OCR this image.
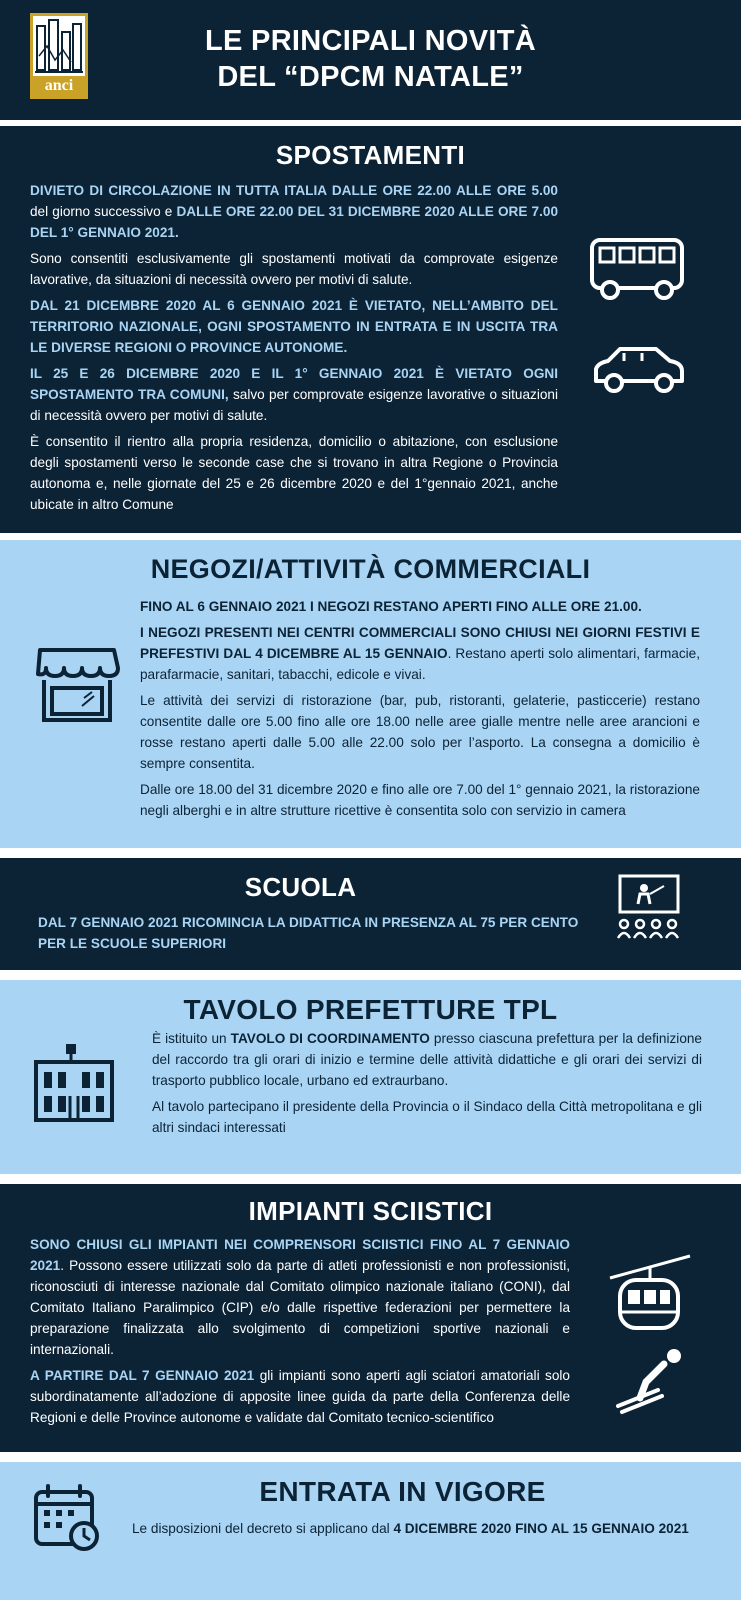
anci
LE PRINCIPALI NOVITÀ
DEL “DPCM NATALE”
SPOSTAMENTI

DIVIETO DI CIRCOLAZIONE IN TUTTA ITALIA DALLE ORE 22.00 ALLE ORE 5.00 del giorno successivo e DALLE ORE 22.00 DEL 31 DICEMBRE 2020 ALLE ORE 7.00 DEL 1° GENNAIO 2021.

Sono consentiti esclusivamente gli spostamenti motivati da comprovate esigenze lavorative, da situazioni di necessità ovvero per motivi di salute.

DAL 21 DICEMBRE 2020 AL 6 GENNAIO 2021 È VIETATO, NELL’AMBITO DEL TERRITORIO NAZIONALE, OGNI SPOSTAMENTO IN ENTRATA E IN USCITA TRA LE DIVERSE REGIONI O PROVINCE AUTONOME.

IL 25 E 26 DICEMBRE 2020 E IL 1° GENNAIO 2021 È VIETATO OGNI SPOSTAMENTO TRA COMUNI, salvo per comprovate esigenze lavorative o situazioni di necessità ovvero per motivi di salute.

È consentito il rientro alla propria residenza, domicilio o abitazione, con esclusione degli spostamenti verso le seconde case che si trovano in altra Regione o Provincia autonoma e, nelle giornate del 25 e 26 dicembre 2020 e del 1°gennaio 2021, anche ubicate in altro Comune

NEGOZI/ATTIVITÀ COMMERCIALI

FINO AL 6 GENNAIO 2021 I NEGOZI RESTANO APERTI FINO ALLE ORE 21.00.

I NEGOZI PRESENTI NEI CENTRI COMMERCIALI SONO CHIUSI NEI GIORNI FESTIVI E PREFESTIVI DAL 4 DICEMBRE AL 15 GENNAIO. Restano aperti solo alimentari, farmacie, parafarmacie, sanitari, tabacchi, edicole e vivai.

Le attività dei servizi di ristorazione (bar, pub, ristoranti, gelaterie, pasticcerie) restano consentite dalle ore 5.00 fino alle ore 18.00 nelle aree gialle mentre nelle aree arancioni e rosse restano aperti dalle 5.00 alle 22.00 solo per l’asporto. La consegna a domicilio è sempre consentita.

Dalle ore 18.00 del 31 dicembre 2020 e fino alle ore 7.00 del 1° gennaio 2021, la ristorazione negli alberghi e in altre strutture ricettive è consentita solo con servizio in camera

SCUOLA

DAL 7 GENNAIO 2021 RICOMINCIA LA DIDATTICA IN PRESENZA AL 75 PER CENTO PER LE SCUOLE SUPERIORI

TAVOLO PREFETTURE TPL

È istituito un TAVOLO DI COORDINAMENTO presso ciascuna prefettura per la definizione del raccordo tra gli orari di inizio e termine delle attività didattiche e gli orari dei servizi di trasporto pubblico locale, urbano ed extraurbano.

Al tavolo partecipano il presidente della Provincia o il Sindaco della Città metropolitana e gli altri sindaci interessati

IMPIANTI SCIISTICI

SONO CHIUSI GLI IMPIANTI NEI COMPRENSORI SCIISTICI FINO AL 7 GENNAIO 2021. Possono essere utilizzati solo da parte di atleti professionisti e non professionisti, riconosciuti di interesse nazionale dal Comitato olimpico nazionale italiano (CONI), dal Comitato Italiano Paralimpico (CIP) e/o dalle rispettive federazioni per permettere la preparazione finalizzata allo svolgimento di competizioni sportive nazionali e internazionali.

A PARTIRE DAL 7 GENNAIO 2021 gli impianti sono aperti agli sciatori amatoriali solo subordinatamente all’adozione di apposite linee guida da parte della Conferenza delle Regioni e delle Province autonome e validate dal Comitato tecnico-scientifico

ENTRATA IN VIGORE

Le disposizioni del decreto si applicano dal 4 DICEMBRE 2020 FINO AL 15 GENNAIO 2021
